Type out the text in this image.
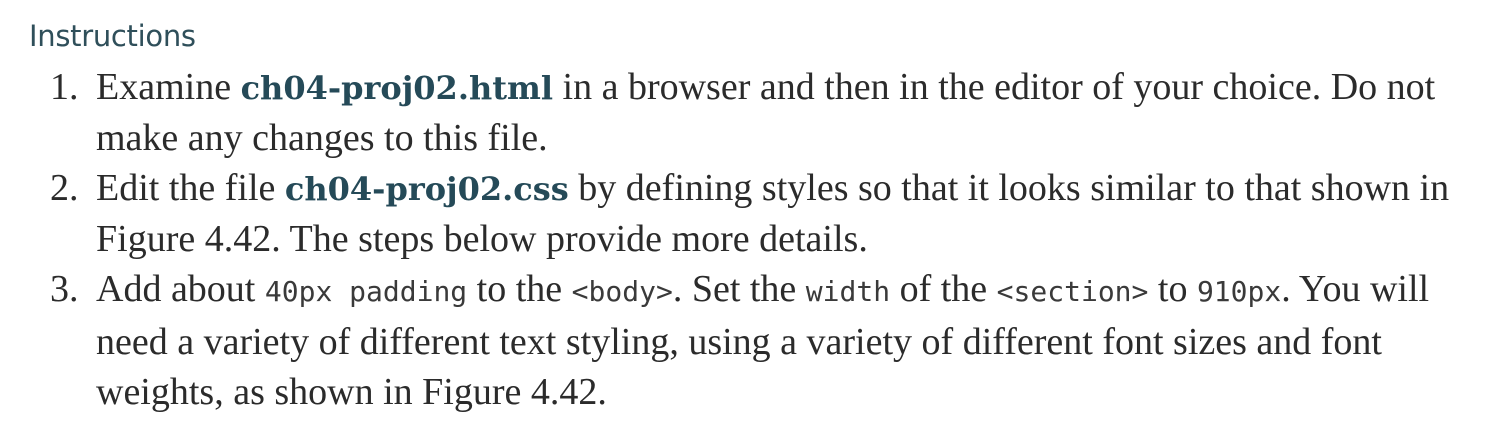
Instructions
1. Examine ch04-proj02.html in a browser and then in the editor of your choice. Do not make any changes to this file.
2. Edit the file ch04-proj02.css by defining styles so that it looks similar to that shown in Figure 4.42. The steps below provide more details.
3. Add about 40px padding to the <body>. Set the width of the <section> to 910px. You will need a variety of different text styling, using a variety of different font sizes and font weights, as shown in Figure 4.42.
